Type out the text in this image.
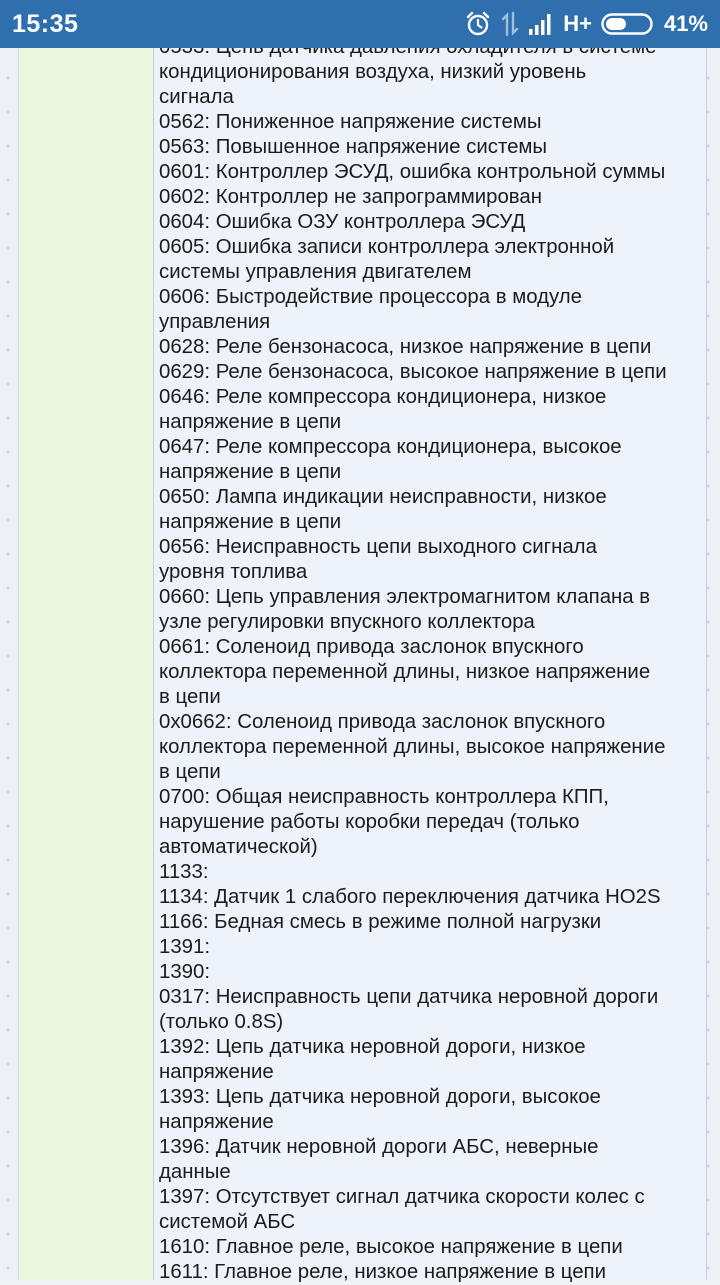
15:35	H+	41%
кондиционирования воздуха, низкий уровень
сигнала
0562: Пониженное напряжение системы
0563: Повышенное напряжение системы
0601: Контроллер ЭСУД, ошибка контрольной суммы
0602: Контроллер не запрограммирован
0604: Ошибка ОЗУ контроллера ЭСУД
0605: Ошибка записи контроллера электронной
системы управления двигателем
0606: Быстродействие процессора в модуле
управления
0628: Реле бензонасоса, низкое напряжение в цепи
0629: Реле бензонасоса, высокое напряжение в цепи
0646: Реле компрессора кондиционера, низкое
напряжение в цепи
0647: Реле компрессора кондиционера, высокое
напряжение в цепи
0650: Лампа индикации неисправности, низкое
напряжение в цепи
0656: Неисправность цепи выходного сигнала
уровня топлива
0660: Цепь управления электромагнитом клапана в
узле регулировки впускного коллектора
0661: Соленоид привода заслонок впускного
коллектора переменной длины, низкое напряжение
в цепи
0x0662: Соленоид привода заслонок впускного
коллектора переменной длины, высокое напряжение
в цепи
0700: Общая неисправность контроллера КПП,
нарушение работы коробки передач (только
автоматической)
1133:
1134: Датчик 1 слабого переключения датчика HO2S
1166: Бедная смесь в режиме полной нагрузки
1391:
1390:
0317: Неисправность цепи датчика неровной дороги
(только 0.8S)
1392: Цепь датчика неровной дороги, низкое
напряжение
1393: Цепь датчика неровной дороги, высокое
напряжение
1396: Датчик неровной дороги АБС, неверные
данные
1397: Отсутствует сигнал датчика скорости колес с
системой АБС
1610: Главное реле, высокое напряжение в цепи
1611: Главное реле, низкое напряжение в цепи
